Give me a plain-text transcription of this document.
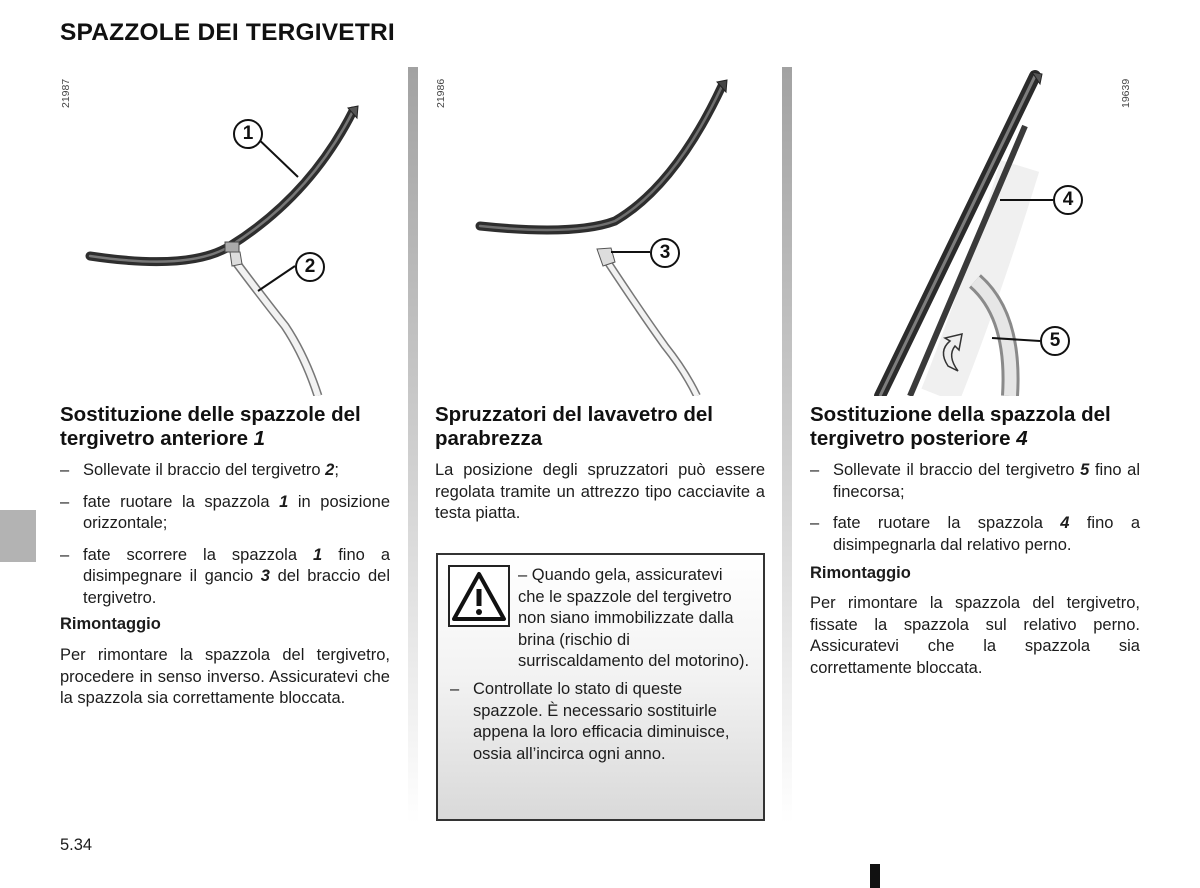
SPAZZOLE DEI TERGIVETRI
21987
1
2
21986
3
19639
4
5
Sostituzione delle spazzole del tergivetro anteriore 1
– Sollevate il braccio del tergivetro 2;
– fate ruotare la spazzola 1 in posizione orizzontale;
– fate scorrere la spazzola 1 fino a disimpegnare il gancio 3 del braccio del tergivetro.

Rimontaggio

Per rimontare la spazzola del tergivetro, procedere in senso inverso. Assicuratevi che la spazzola sia correttamente bloccata.

Spruzzatori del lavavetro del parabrezza

La posizione degli spruzzatori può essere regolata tramite un attrezzo tipo cacciavite a testa piatta.

– Quando gela, assicuratevi che le spazzole del tergivetro non siano immobilizzate dalla brina (rischio di surriscaldamento del motorino).

– Controllate lo stato di queste spazzole. È necessario sostituirle appena la loro efficacia diminuisce, ossia all’incirca ogni anno.

Sostituzione della spazzola del tergivetro posteriore 4
– Sollevate il braccio del tergivetro 5 fino al finecorsa;
– fate ruotare la spazzola 4 fino a disimpegnarla dal relativo perno.

Rimontaggio

Per rimontare la spazzola del tergivetro, fissate la spazzola sul relativo perno. Assicuratevi che la spazzola sia correttamente bloccata.

5.34
